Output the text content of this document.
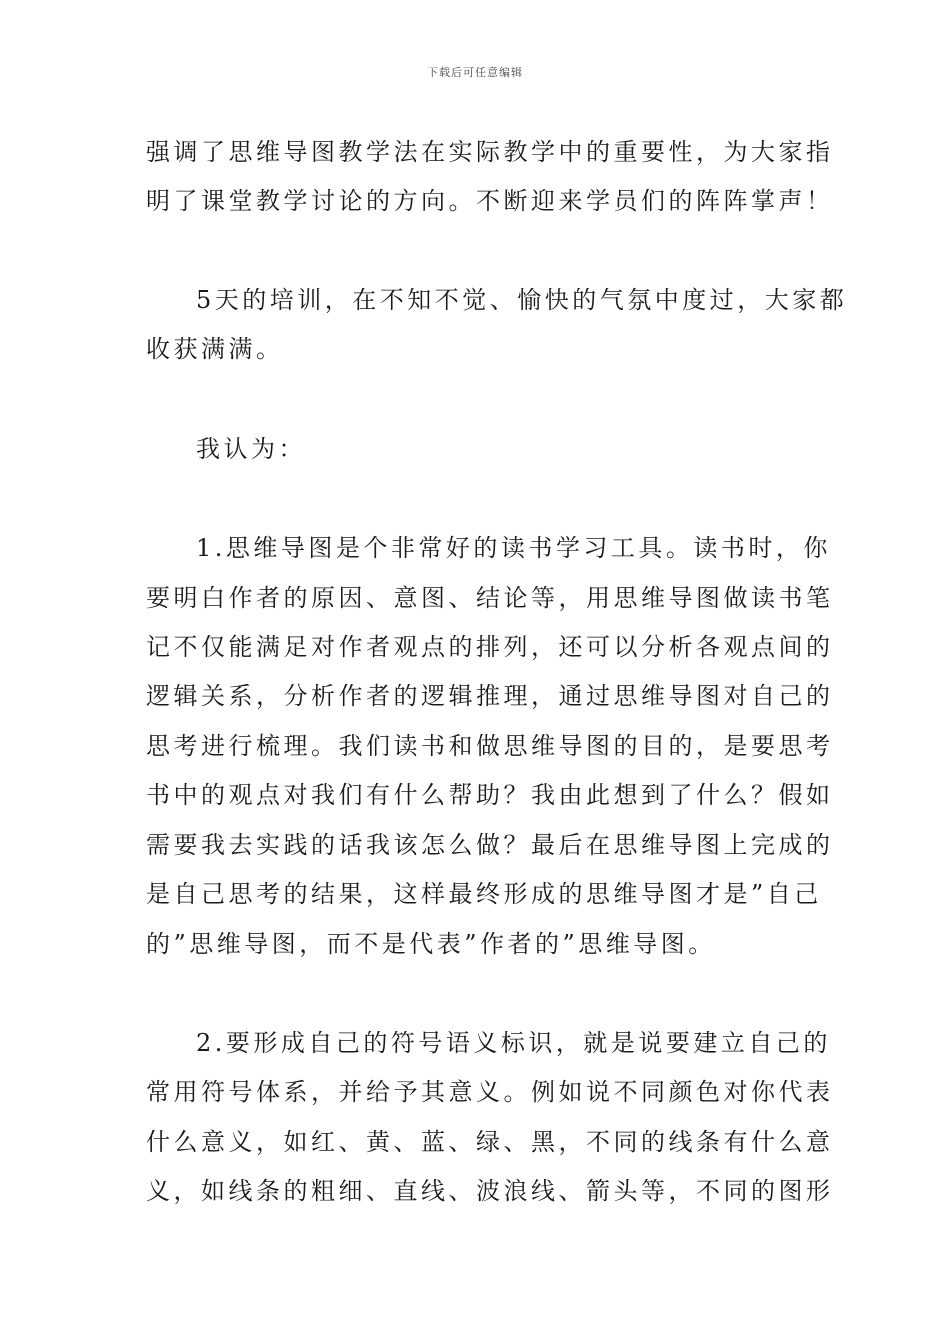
下载后可任意编辑
强调了思维导图教学法在实际教学中的重要性，为大家指
明了课堂教学讨论的方向。不断迎来学员们的阵阵掌声！
5天的培训，在不知不觉、愉快的气氛中度过，大家都
收获满满。
我认为：
1.思维导图是个非常好的读书学习工具。读书时，你
要明白作者的原因、意图、结论等，用思维导图做读书笔
记不仅能满足对作者观点的排列，还可以分析各观点间的
逻辑关系，分析作者的逻辑推理，通过思维导图对自己的
思考进行梳理。我们读书和做思维导图的目的，是要思考
书中的观点对我们有什么帮助？我由此想到了什么？假如
需要我去实践的话我该怎么做？最后在思维导图上完成的
是自己思考的结果，这样最终形成的思维导图才是”自己
的”思维导图，而不是代表”作者的”思维导图。
2.要形成自己的符号语义标识，就是说要建立自己的
常用符号体系，并给予其意义。例如说不同颜色对你代表
什么意义，如红、黄、蓝、绿、黑，不同的线条有什么意
义，如线条的粗细、直线、波浪线、箭头等，不同的图形
